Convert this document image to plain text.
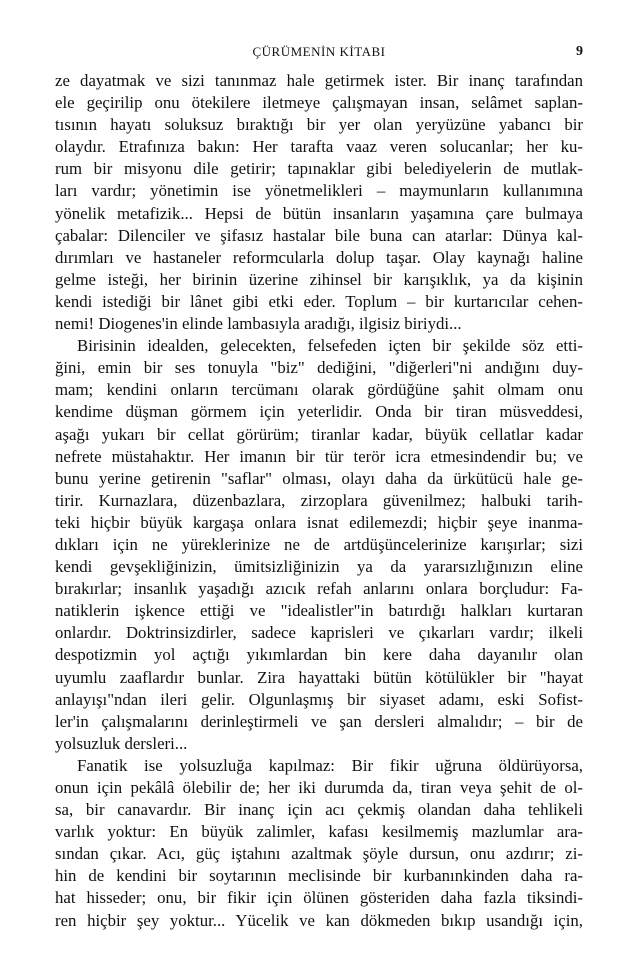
ÇÜRÜMENİN KİTABI	9
ze dayatmak ve sizi tanınmaz hale getirmek ister. Bir inanç tarafından
ele geçirilip onu ötekilere iletmeye çalışmayan insan, selâmet saplan-
tısının hayatı soluksuz bıraktığı bir yer olan yeryüzüne yabancı bir
olaydır. Etrafınıza bakın: Her tarafta vaaz veren solucanlar; her ku-
rum bir misyonu dile getirir; tapınaklar gibi belediyelerin de mutlak-
ları vardır; yönetimin ise yönetmelikleri – maymunların kullanımına
yönelik metafizik... Hepsi de bütün insanların yaşamına çare bulmaya
çabalar: Dilenciler ve şifasız hastalar bile buna can atarlar: Dünya kal-
dırımları ve hastaneler reformcularla dolup taşar. Olay kaynağı haline
gelme isteği, her birinin üzerine zihinsel bir karışıklık, ya da kişinin
kendi istediği bir lânet gibi etki eder. Toplum – bir kurtarıcılar cehen-
nemi! Diogenes'in elinde lambasıyla aradığı, ilgisiz biriydi...
Birisinin idealden, gelecekten, felsefeden içten bir şekilde söz etti-
ğini, emin bir ses tonuyla "biz" dediğini, "diğerleri"ni andığını duy-
mam; kendini onların tercümanı olarak gördüğüne şahit olmam onu
kendime düşman görmem için yeterlidir. Onda bir tiran müsveddesi,
aşağı yukarı bir cellat görürüm; tiranlar kadar, büyük cellatlar kadar
nefrete müstahaktır. Her imanın bir tür terör icra etmesindendir bu; ve
bunu yerine getirenin "saflar" olması, olayı daha da ürkütücü hale ge-
tirir. Kurnazlara, düzenbazlara, zirzoplara güvenilmez; halbuki tarih-
teki hiçbir büyük kargaşa onlara isnat edilemezdi; hiçbir şeye inanma-
dıkları için ne yüreklerinize ne de artdüşüncelerinize karışırlar; sizi
kendi gevşekliğinizin, ümitsizliğinizin ya da yararsızlığınızın eline
bırakırlar; insanlık yaşadığı azıcık refah anlarını onlara borçludur: Fa-
natiklerin işkence ettiği ve "idealistler"in batırdığı halkları kurtaran
onlardır. Doktrinsizdirler, sadece kaprisleri ve çıkarları vardır; ilkeli
despotizmin yol açtığı yıkımlardan bin kere daha dayanılır olan
uyumlu zaaflardır bunlar. Zira hayattaki bütün kötülükler bir "hayat
anlayışı"ndan ileri gelir. Olgunlaşmış bir siyaset adamı, eski Sofist-
ler'in çalışmalarını derinleştirmeli ve şan dersleri almalıdır; – bir de
yolsuzluk dersleri...
Fanatik ise yolsuzluğa kapılmaz: Bir fikir uğruna öldürüyorsa,
onun için pekâlâ ölebilir de; her iki durumda da, tiran veya şehit de ol-
sa, bir canavardır. Bir inanç için acı çekmiş olandan daha tehlikeli
varlık yoktur: En büyük zalimler, kafası kesilmemiş mazlumlar ara-
sından çıkar. Acı, güç iştahını azaltmak şöyle dursun, onu azdırır; zi-
hin de kendini bir soytarının meclisinde bir kurbanınkinden daha ra-
hat hisseder; onu, bir fikir için ölünen gösteriden daha fazla tiksindi-
ren hiçbir şey yoktur... Yücelik ve kan dökmeden bıkıp usandığı için,
